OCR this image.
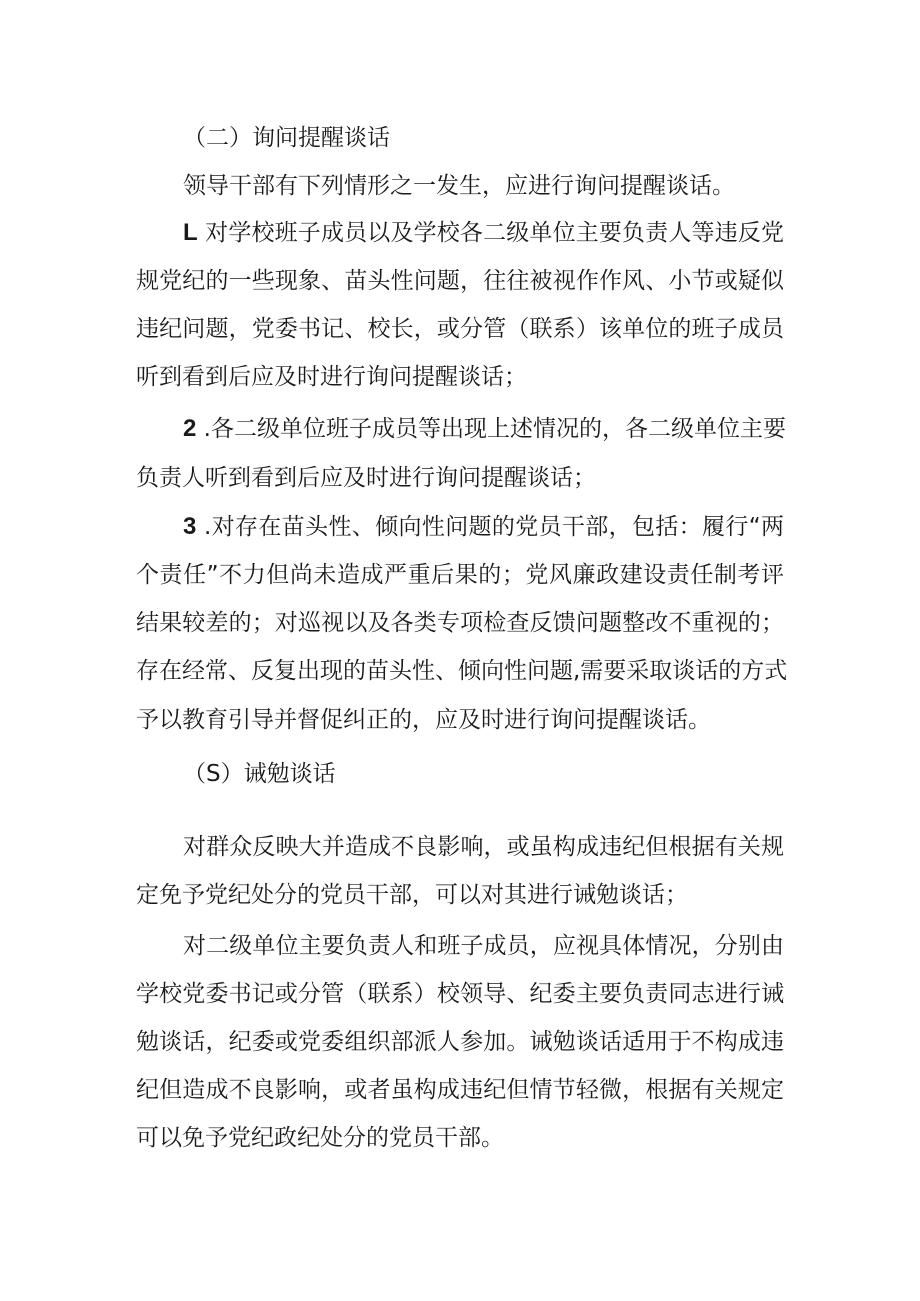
（二）询问提醒谈话
领导干部有下列情形之一发生，应进行询问提醒谈话。
L 对学校班子成员以及学校各二级单位主要负责人等违反党
规党纪的一些现象、苗头性问题，往往被视作作风、小节或疑似
违纪问题，党委书记、校长，或分管（联系）该单位的班子成员
听到看到后应及时进行询问提醒谈话；
2 .各二级单位班子成员等出现上述情况的，各二级单位主要
负责人听到看到后应及时进行询问提醒谈话；
3 .对存在苗头性、倾向性问题的党员干部，包括：履行“两
个责任”不力但尚未造成严重后果的；党风廉政建设责任制考评
结果较差的；对巡视以及各类专项检查反馈问题整改不重视的；
存在经常、反复出现的苗头性、倾向性问题,需要采取谈话的方式
予以教育引导并督促纠正的，应及时进行询问提醒谈话。
（S）诫勉谈话
对群众反映大并造成不良影响，或虽构成违纪但根据有关规
定免予党纪处分的党员干部，可以对其进行诫勉谈话；
对二级单位主要负责人和班子成员，应视具体情况，分别由
学校党委书记或分管（联系）校领导、纪委主要负责同志进行诫
勉谈话，纪委或党委组织部派人参加。诫勉谈话适用于不构成违
纪但造成不良影响，或者虽构成违纪但情节轻微，根据有关规定
可以免予党纪政纪处分的党员干部。
